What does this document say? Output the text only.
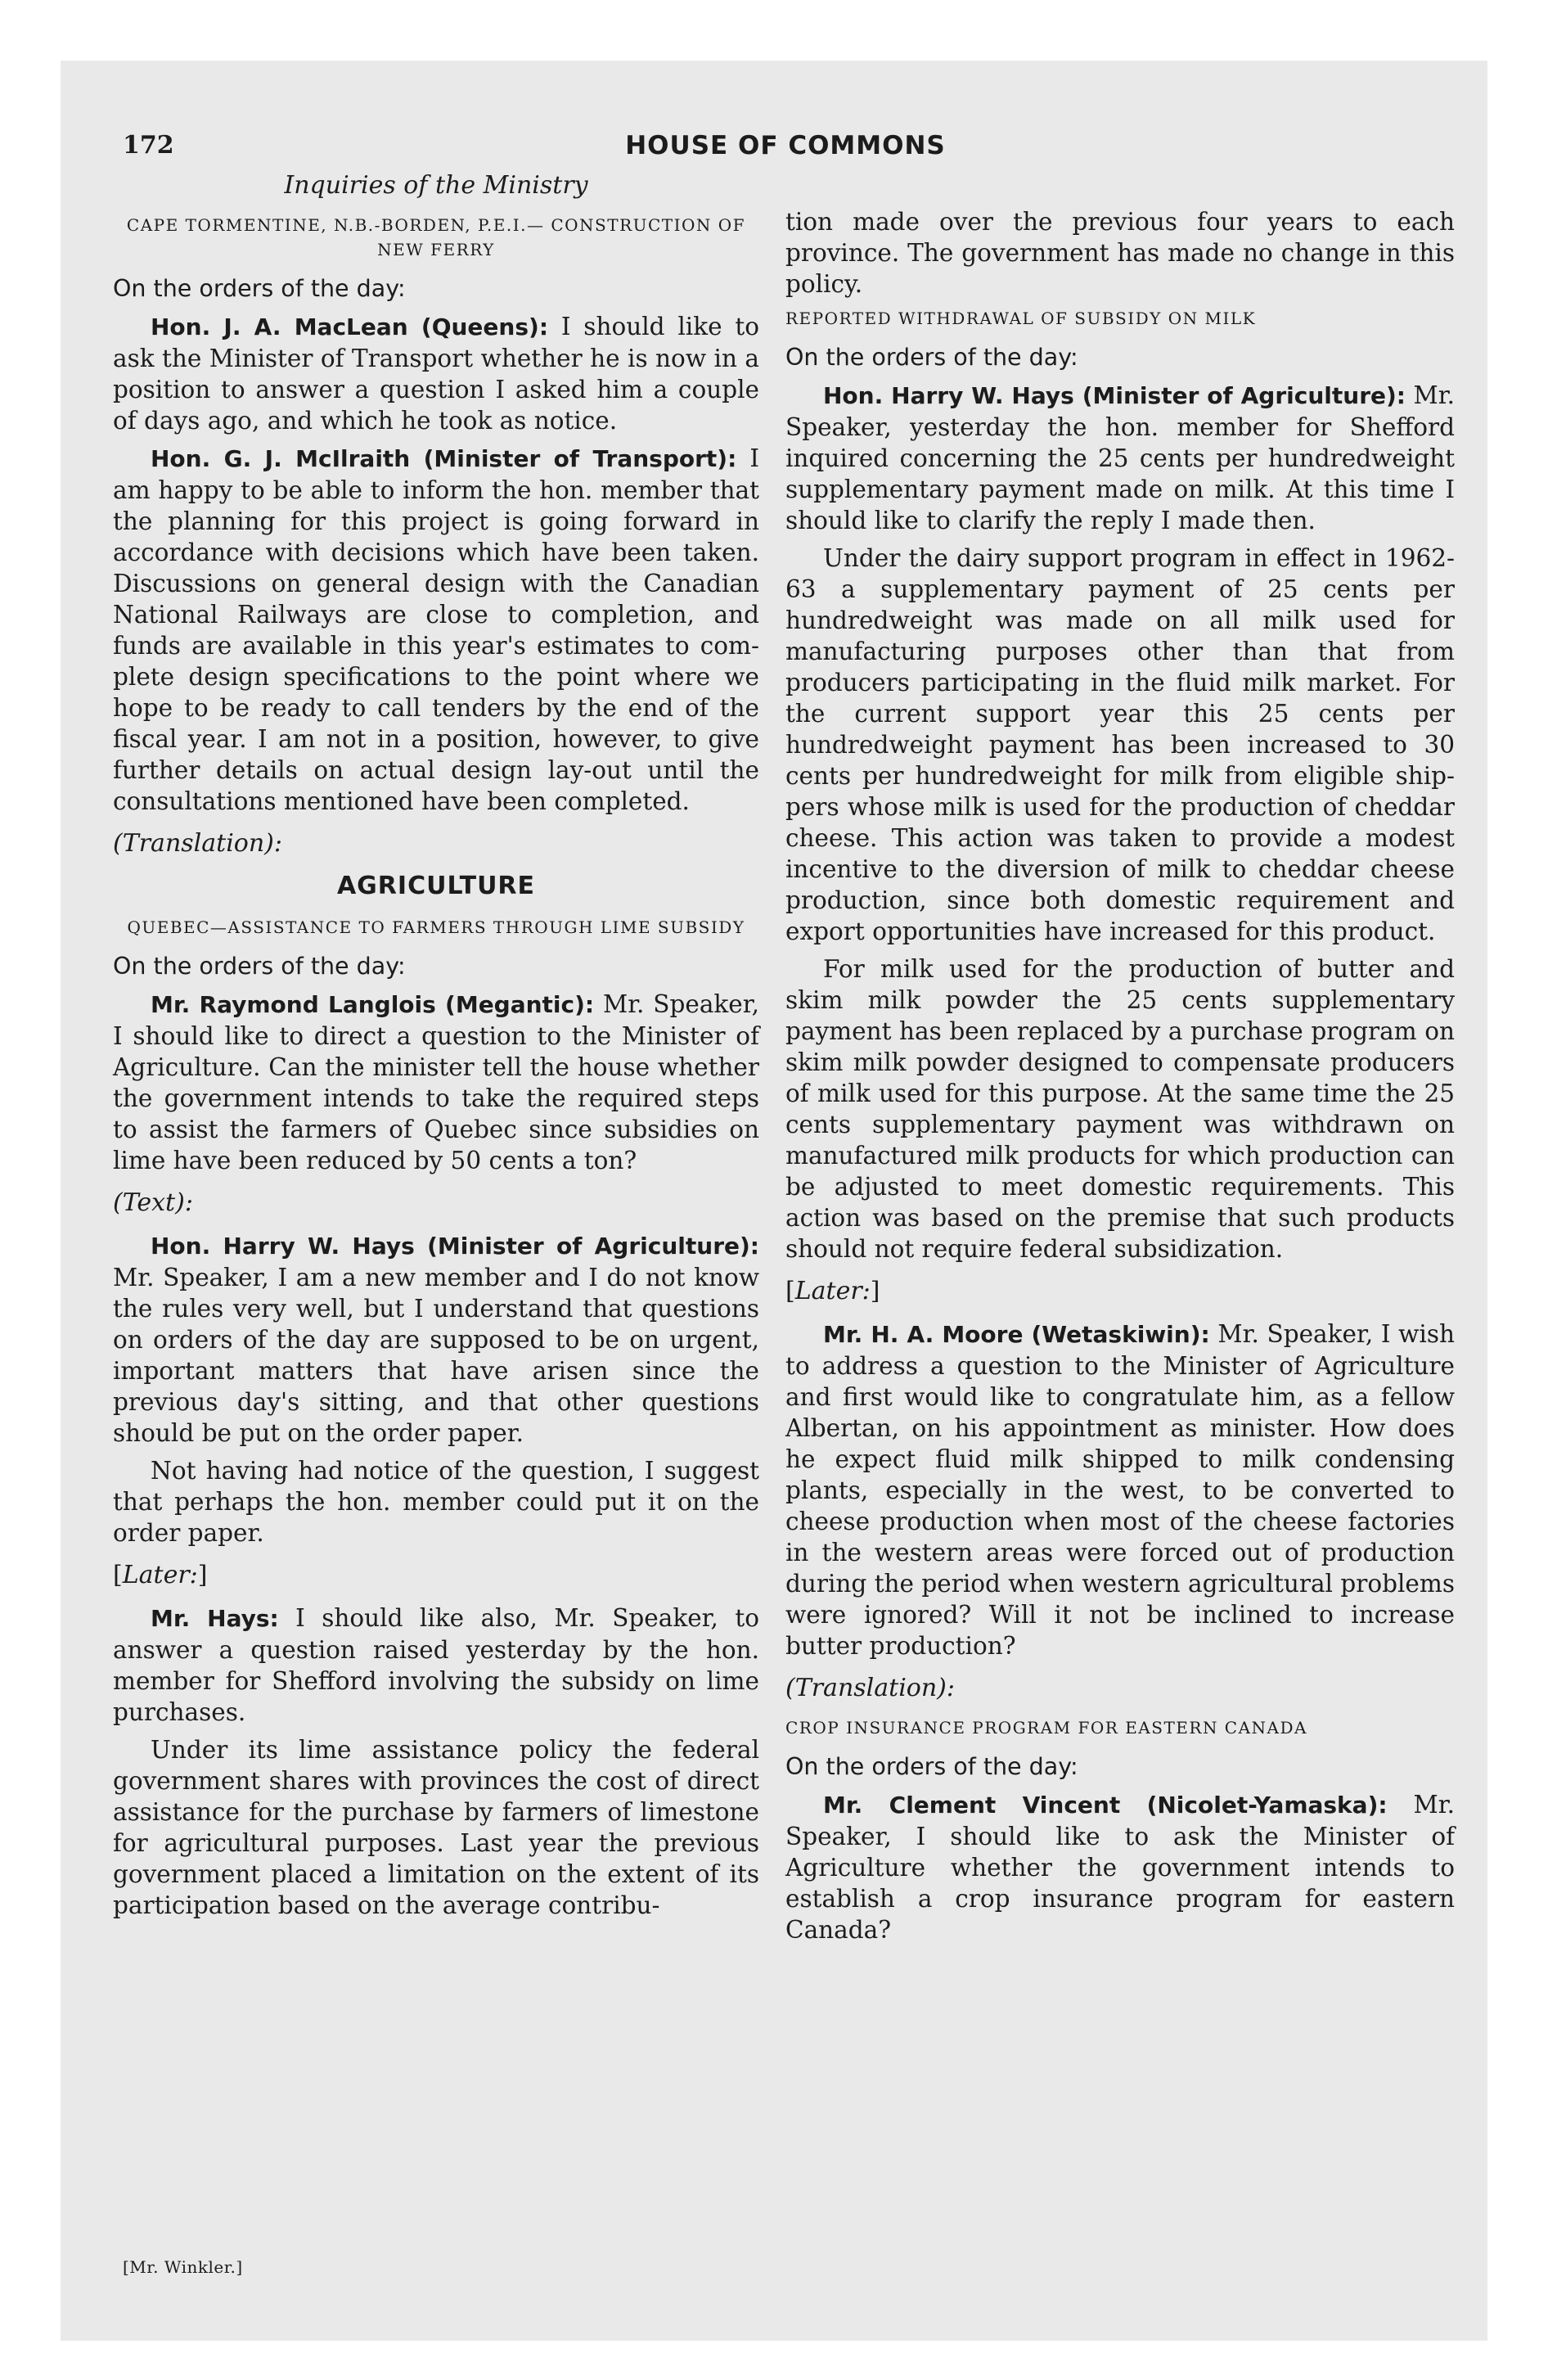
172	HOUSE OF COMMONS
Inquiries of the Ministry
CAPE TORMENTINE, N.B.-BORDEN, P.E.I.— CONSTRUCTION OF NEW FERRY

On the orders of the day:

Hon. J. A. MacLean (Queens): I should like to ask the Minister of Transport whether he is now in a position to answer a question I asked him a couple of days ago, and which he took as notice.

Hon. G. J. McIlraith (Minister of Transport): I am happy to be able to inform the hon. member that the planning for this project is going forward in accordance with decisions which have been taken. Discussions on general design with the Canadian National Railways are close to completion, and funds are available in this year's estimates to complete design specifications to the point where we hope to be ready to call tenders by the end of the fiscal year. I am not in a position, however, to give further details on actual design lay-out until the consultations mentioned have been completed.

(Translation):
AGRICULTURE
QUEBEC—ASSISTANCE TO FARMERS THROUGH LIME SUBSIDY

On the orders of the day:

Mr. Raymond Langlois (Megantic): Mr. Speaker, I should like to direct a question to the Minister of Agriculture. Can the minister tell the house whether the government intends to take the required steps to assist the farmers of Quebec since subsidies on lime have been reduced by 50 cents a ton?

(Text):

Hon. Harry W. Hays (Minister of Agriculture): Mr. Speaker, I am a new member and I do not know the rules very well, but I understand that questions on orders of the day are supposed to be on urgent, important matters that have arisen since the previous day's sitting, and that other questions should be put on the order paper.

Not having had notice of the question, I suggest that perhaps the hon. member could put it on the order paper.

[Later:]

Mr. Hays: I should like also, Mr. Speaker, to answer a question raised yesterday by the hon. member for Shefford involving the subsidy on lime purchases.

Under its lime assistance policy the federal government shares with provinces the cost of direct assistance for the purchase by farmers of limestone for agricultural purposes. Last year the previous government placed a limitation on the extent of its participation based on the average contribu-

tion made over the previous four years to each province. The government has made no change in this policy.

REPORTED WITHDRAWAL OF SUBSIDY ON MILK

On the orders of the day:

Hon. Harry W. Hays (Minister of Agriculture): Mr. Speaker, yesterday the hon. member for Shefford inquired concerning the 25 cents per hundredweight supplementary payment made on milk. At this time I should like to clarify the reply I made then.

Under the dairy support program in effect in 1962-63 a supplementary payment of 25 cents per hundredweight was made on all milk used for manufacturing purposes other than that from producers participating in the fluid milk market. For the current support year this 25 cents per hundredweight payment has been increased to 30 cents per hundredweight for milk from eligible shippers whose milk is used for the production of cheddar cheese. This action was taken to provide a modest incentive to the diversion of milk to cheddar cheese production, since both domestic requirement and export opportunities have increased for this product.

For milk used for the production of butter and skim milk powder the 25 cents supplementary payment has been replaced by a purchase program on skim milk powder designed to compensate producers of milk used for this purpose. At the same time the 25 cents supplementary payment was withdrawn on manufactured milk products for which production can be adjusted to meet domestic requirements. This action was based on the premise that such products should not require federal subsidization.

[Later:]

Mr. H. A. Moore (Wetaskiwin): Mr. Speaker, I wish to address a question to the Minister of Agriculture and first would like to congratulate him, as a fellow Albertan, on his appointment as minister. How does he expect fluid milk shipped to milk condensing plants, especially in the west, to be converted to cheese production when most of the cheese factories in the western areas were forced out of production during the period when western agricultural problems were ignored? Will it not be inclined to increase butter production?

(Translation):
CROP INSURANCE PROGRAM FOR EASTERN CANADA

On the orders of the day:

Mr. Clement Vincent (Nicolet-Yamaska): Mr. Speaker, I should like to ask the Minister of Agriculture whether the government intends to establish a crop insurance program for eastern Canada?

[Mr. Winkler.]
